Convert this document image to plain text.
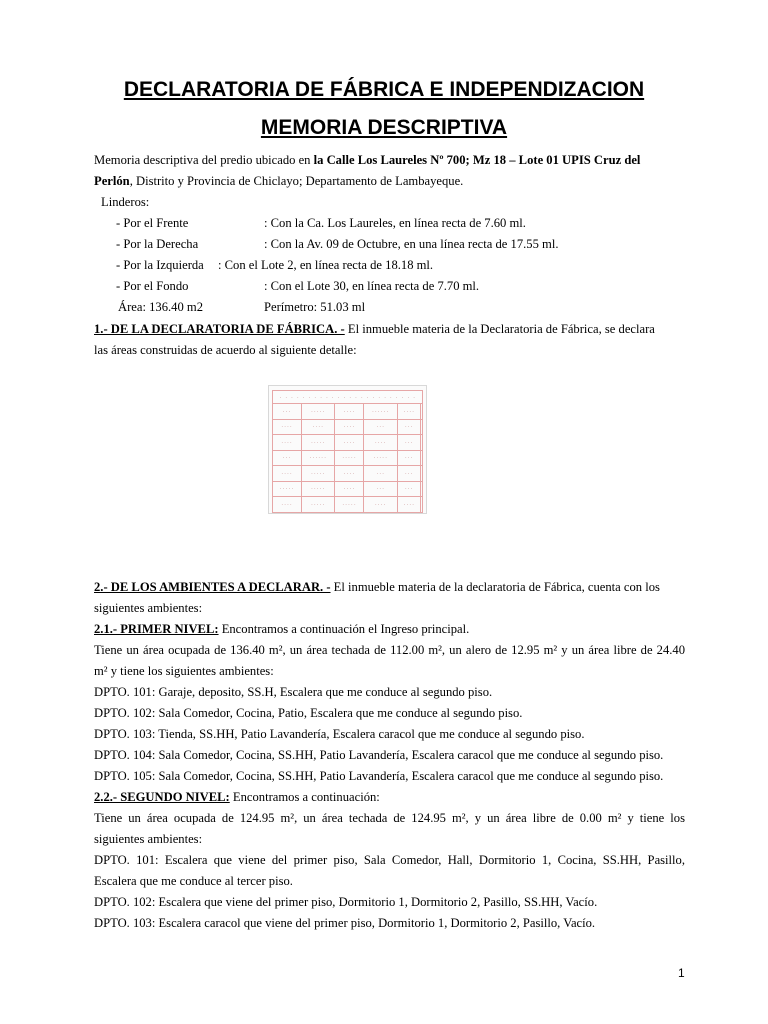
DECLARATORIA DE FÁBRICA E INDEPENDIZACION
MEMORIA DESCRIPTIVA
Memoria descriptiva del predio ubicado en la Calle Los Laureles Nº 700; Mz 18 – Lote 01 UPIS Cruz del
Perlón, Distrito y Provincia de Chiclayo; Departamento de Lambayeque.
Linderos:
- Por el Frente	: Con la Ca. Los Laureles, en línea recta de 7.60 ml.
- Por la Derecha	: Con la Av. 09 de Octubre, en una línea recta de 17.55 ml.
- Por la Izquierda : Con el Lote 2, en línea recta de 18.18 ml.
- Por el Fondo	: Con el Lote 30, en línea recta de 7.70 ml.
Área: 136.40 m2	Perímetro: 51.03 ml
1.- DE LA DECLARATORIA DE FÁBRICA. - El inmueble materia de la Declaratoria de Fábrica, se declara
las áreas construidas de acuerdo al siguiente detalle:
· · · · · · · · · · · · · · · · · · · · · · · ·					
···	·····	····	······	····	
····	····	····	···	···	
····	·····	····	····	···	
···	······	·····	·····	···	
····	·····	····	···	···	
·····	·····	····	···	···	
····	·····	·····	····	····	
2.- DE LOS AMBIENTES A DECLARAR. - El inmueble materia de la declaratoria de Fábrica, cuenta con los
siguientes ambientes:
2.1.- PRIMER NIVEL: Encontramos a continuación el Ingreso principal.
Tiene un área ocupada de 136.40 m², un área techada de 112.00 m², un alero de 12.95 m² y un área libre de 24.40
m² y tiene los siguientes ambientes:
DPTO. 101: Garaje, deposito, SS.H, Escalera que me conduce al segundo piso.
DPTO. 102: Sala Comedor, Cocina, Patio, Escalera que me conduce al segundo piso.
DPTO. 103: Tienda, SS.HH, Patio Lavandería, Escalera caracol que me conduce al segundo piso.
DPTO. 104: Sala Comedor, Cocina, SS.HH, Patio Lavandería, Escalera caracol que me conduce al segundo piso.
DPTO. 105: Sala Comedor, Cocina, SS.HH, Patio Lavandería, Escalera caracol que me conduce al segundo piso.
2.2.- SEGUNDO NIVEL: Encontramos a continuación:
Tiene un área ocupada de 124.95 m², un área techada de 124.95 m², y un área libre de 0.00 m² y tiene los
siguientes ambientes:
DPTO. 101: Escalera que viene del primer piso, Sala Comedor, Hall, Dormitorio 1, Cocina, SS.HH, Pasillo,
Escalera que me conduce al tercer piso.
DPTO. 102: Escalera que viene del primer piso, Dormitorio 1, Dormitorio 2, Pasillo, SS.HH, Vacío.
DPTO. 103: Escalera caracol que viene del primer piso, Dormitorio 1, Dormitorio 2, Pasillo, Vacío.
1
